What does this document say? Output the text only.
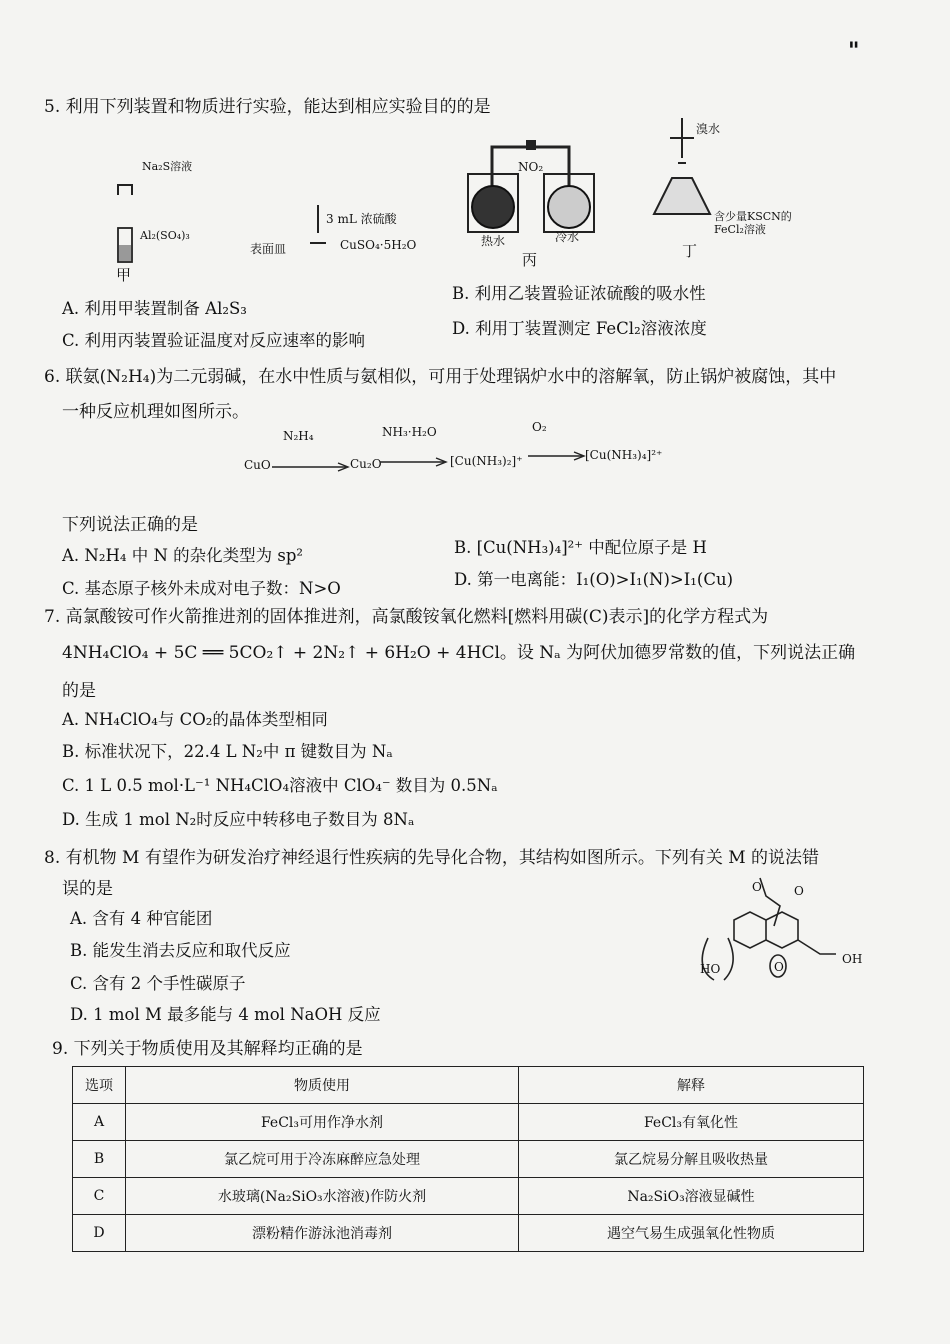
"
5. 利用下列装置和物质进行实验，能达到相应实验目的的是
Na₂S溶液
Al₂(SO₄)₃
甲
3 mL 浓硫酸
表面皿	CuSO₄·5H₂O
NO₂
热水	冷水
丙
溴水
含少量KSCN的FeCl₂溶液
丁
A. 利用甲装置制备 Al₂S₃
B. 利用乙装置验证浓硫酸的吸水性
C. 利用丙装置验证温度对反应速率的影响
D. 利用丁装置测定 FeCl₂溶液浓度
6. 联氨(N₂H₄)为二元弱碱，在水中性质与氨相似，可用于处理锅炉水中的溶解氧，防止锅炉被腐蚀，其中
一种反应机理如图所示。
N₂H₄	NH₃·H₂O	O₂
CuO	Cu₂O	[Cu(NH₃)₂]⁺	[Cu(NH₃)₄]²⁺
下列说法正确的是
A. N₂H₄ 中 N 的杂化类型为 sp²	B. [Cu(NH₃)₄]²⁺ 中配位原子是 H
C. 基态原子核外未成对电子数：N>O	D. 第一电离能：I₁(O)>I₁(N)>I₁(Cu)
7. 高氯酸铵可作火箭推进剂的固体推进剂，高氯酸铵氧化燃料[燃料用碳(C)表示]的化学方程式为
4NH₄ClO₄ + 5C ══ 5CO₂↑ + 2N₂↑ + 6H₂O + 4HCl。设 Nₐ 为阿伏加德罗常数的值，下列说法正确
的是
A. NH₄ClO₄与 CO₂的晶体类型相同
B. 标准状况下，22.4 L N₂中 π 键数目为 Nₐ
C. 1 L 0.5 mol·L⁻¹ NH₄ClO₄溶液中 ClO₄⁻ 数目为 0.5Nₐ
D. 生成 1 mol N₂时反应中转移电子数目为 8Nₐ
8. 有机物 M 有望作为研发治疗神经退行性疾病的先导化合物，其结构如图所示。下列有关 M 的说法错
误的是
A. 含有 4 种官能团
B. 能发生消去反应和取代反应
C. 含有 2 个手性碳原子
D. 1 mol M 最多能与 4 mol NaOH 反应
O	O
HO	O
OH
9. 下列关于物质使用及其解释均正确的是
选项	物质使用	解释
A	FeCl₃可用作净水剂	FeCl₃有氧化性
B	氯乙烷可用于冷冻麻醉应急处理	氯乙烷易分解且吸收热量
C	水玻璃(Na₂SiO₃水溶液)作防火剂	Na₂SiO₃溶液显碱性
D	漂粉精作游泳池消毒剂	遇空气易生成强氧化性物质
